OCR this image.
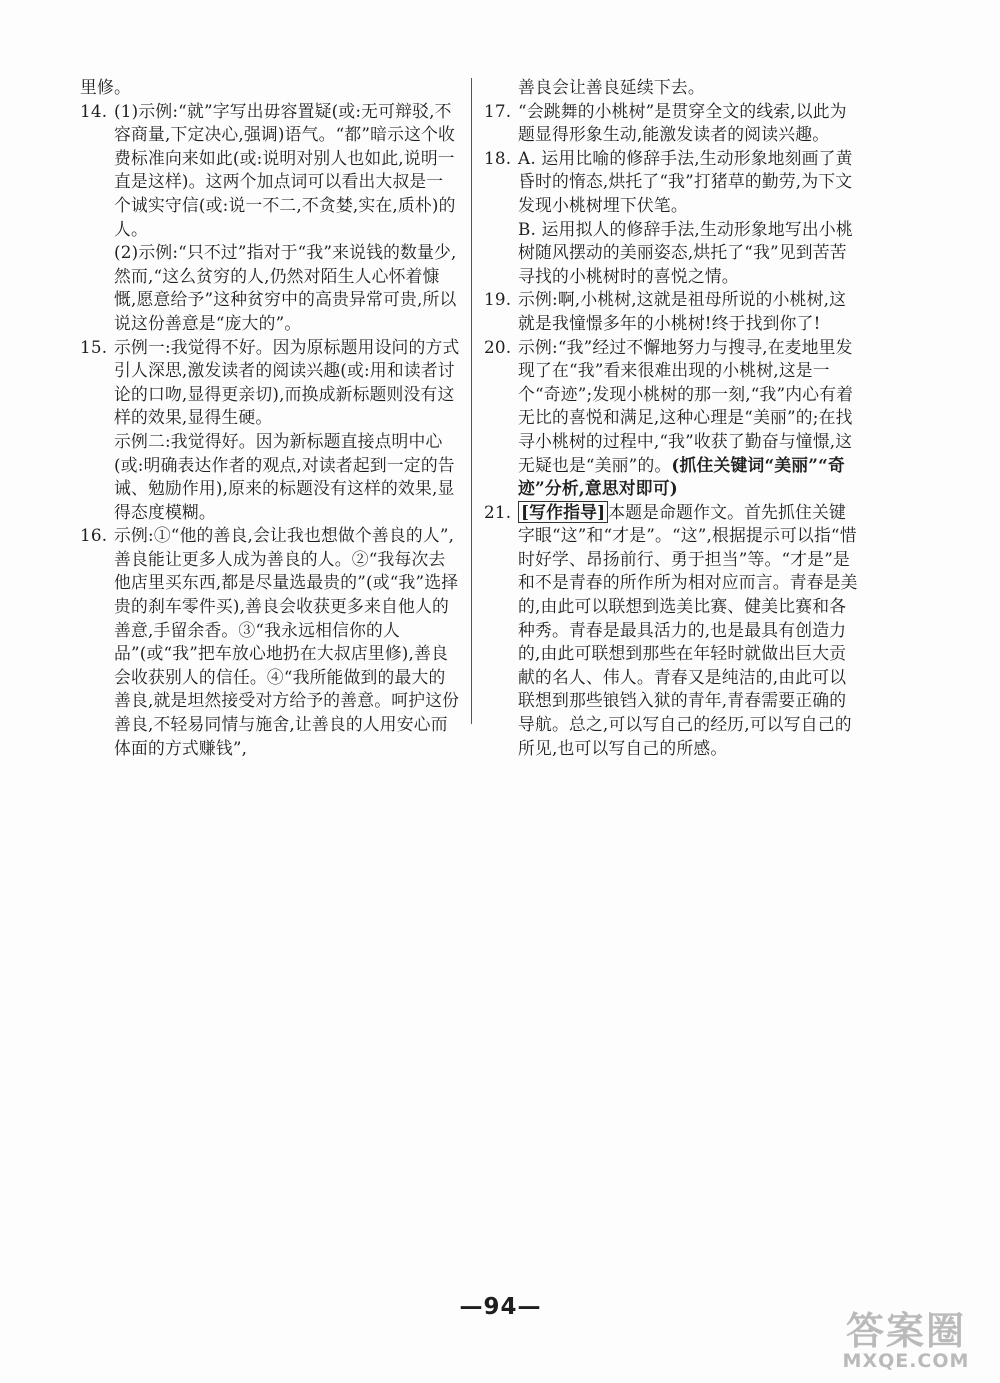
里修。

14. (1)示例:“就”字写出毋容置疑(或:无可辩驳,不容商量,下定决心,强调)语气。“都”暗示这个收费标准向来如此(或:说明对别人也如此,说明一直是这样)。这两个加点词可以看出大叔是一个诚实守信(或:说一不二,不贪婪,实在,质朴)的人。
(2)示例:“只不过”指对于“我”来说钱的数量少,然而,“这么贫穷的人,仍然对陌生人心怀着慷慨,愿意给予”这种贫穷中的高贵异常可贵,所以说这份善意是“庞大的”。
15. 示例一:我觉得不好。因为原标题用设问的方式引人深思,激发读者的阅读兴趣(或:用和读者讨论的口吻,显得更亲切),而换成新标题则没有这样的效果,显得生硬。
示例二:我觉得好。因为新标题直接点明中心(或:明确表达作者的观点,对读者起到一定的告诫、勉励作用),原来的标题没有这样的效果,显得态度模糊。
16. 示例:①“他的善良,会让我也想做个善良的人”,善良能让更多人成为善良的人。②“我每次去他店里买东西,都是尽量选最贵的”(或“我”选择贵的刹车零件买),善良会收获更多来自他人的善意,手留余香。③“我永远相信你的人品”(或“我”把车放心地扔在大叔店里修),善良会收获别人的信任。④“我所能做到的最大的善良,就是坦然接受对方给予的善意。呵护这份善良,不轻易同情与施舍,让善良的人用安心而体面的方式赚钱”,

善良会让善良延续下去。

17. “会跳舞的小桃树”是贯穿全文的线索,以此为题显得形象生动,能激发读者的阅读兴趣。
18. A. 运用比喻的修辞手法,生动形象地刻画了黄昏时的惰态,烘托了“我”打猪草的勤劳,为下文发现小桃树埋下伏笔。
B. 运用拟人的修辞手法,生动形象地写出小桃树随风摆动的美丽姿态,烘托了“我”见到苦苦寻找的小桃树时的喜悦之情。
19. 示例:啊,小桃树,这就是祖母所说的小桃树,这就是我憧憬多年的小桃树!终于找到你了!
20. 示例:“我”经过不懈地努力与搜寻,在麦地里发现了在“我”看来很难出现的小桃树,这是一个“奇迹”;发现小桃树的那一刻,“我”内心有着无比的喜悦和满足,这种心理是“美丽”的;在找寻小桃树的过程中,“我”收获了勤奋与憧憬,这无疑也是“美丽”的。(抓住关键词“美丽”“奇迹”分析,意思对即可)
21. [写作指导] 本题是命题作文。首先抓住关键字眼“这”和“才是”。“这”,根据提示可以指“惜时好学、昂扬前行、勇于担当”等。“才是”是和不是青春的所作所为相对应而言。青春是美的,由此可以联想到选美比赛、健美比赛和各种秀。青春是最具活力的,也是最具有创造力的,由此可联想到那些在年轻时就做出巨大贡献的名人、伟人。青春又是纯洁的,由此可以联想到那些锒铛入狱的青年,青春需要正确的导航。总之,可以写自己的经历,可以写自己的所见,也可以写自己的所感。
—94—
答案圈
MXQE.COM
